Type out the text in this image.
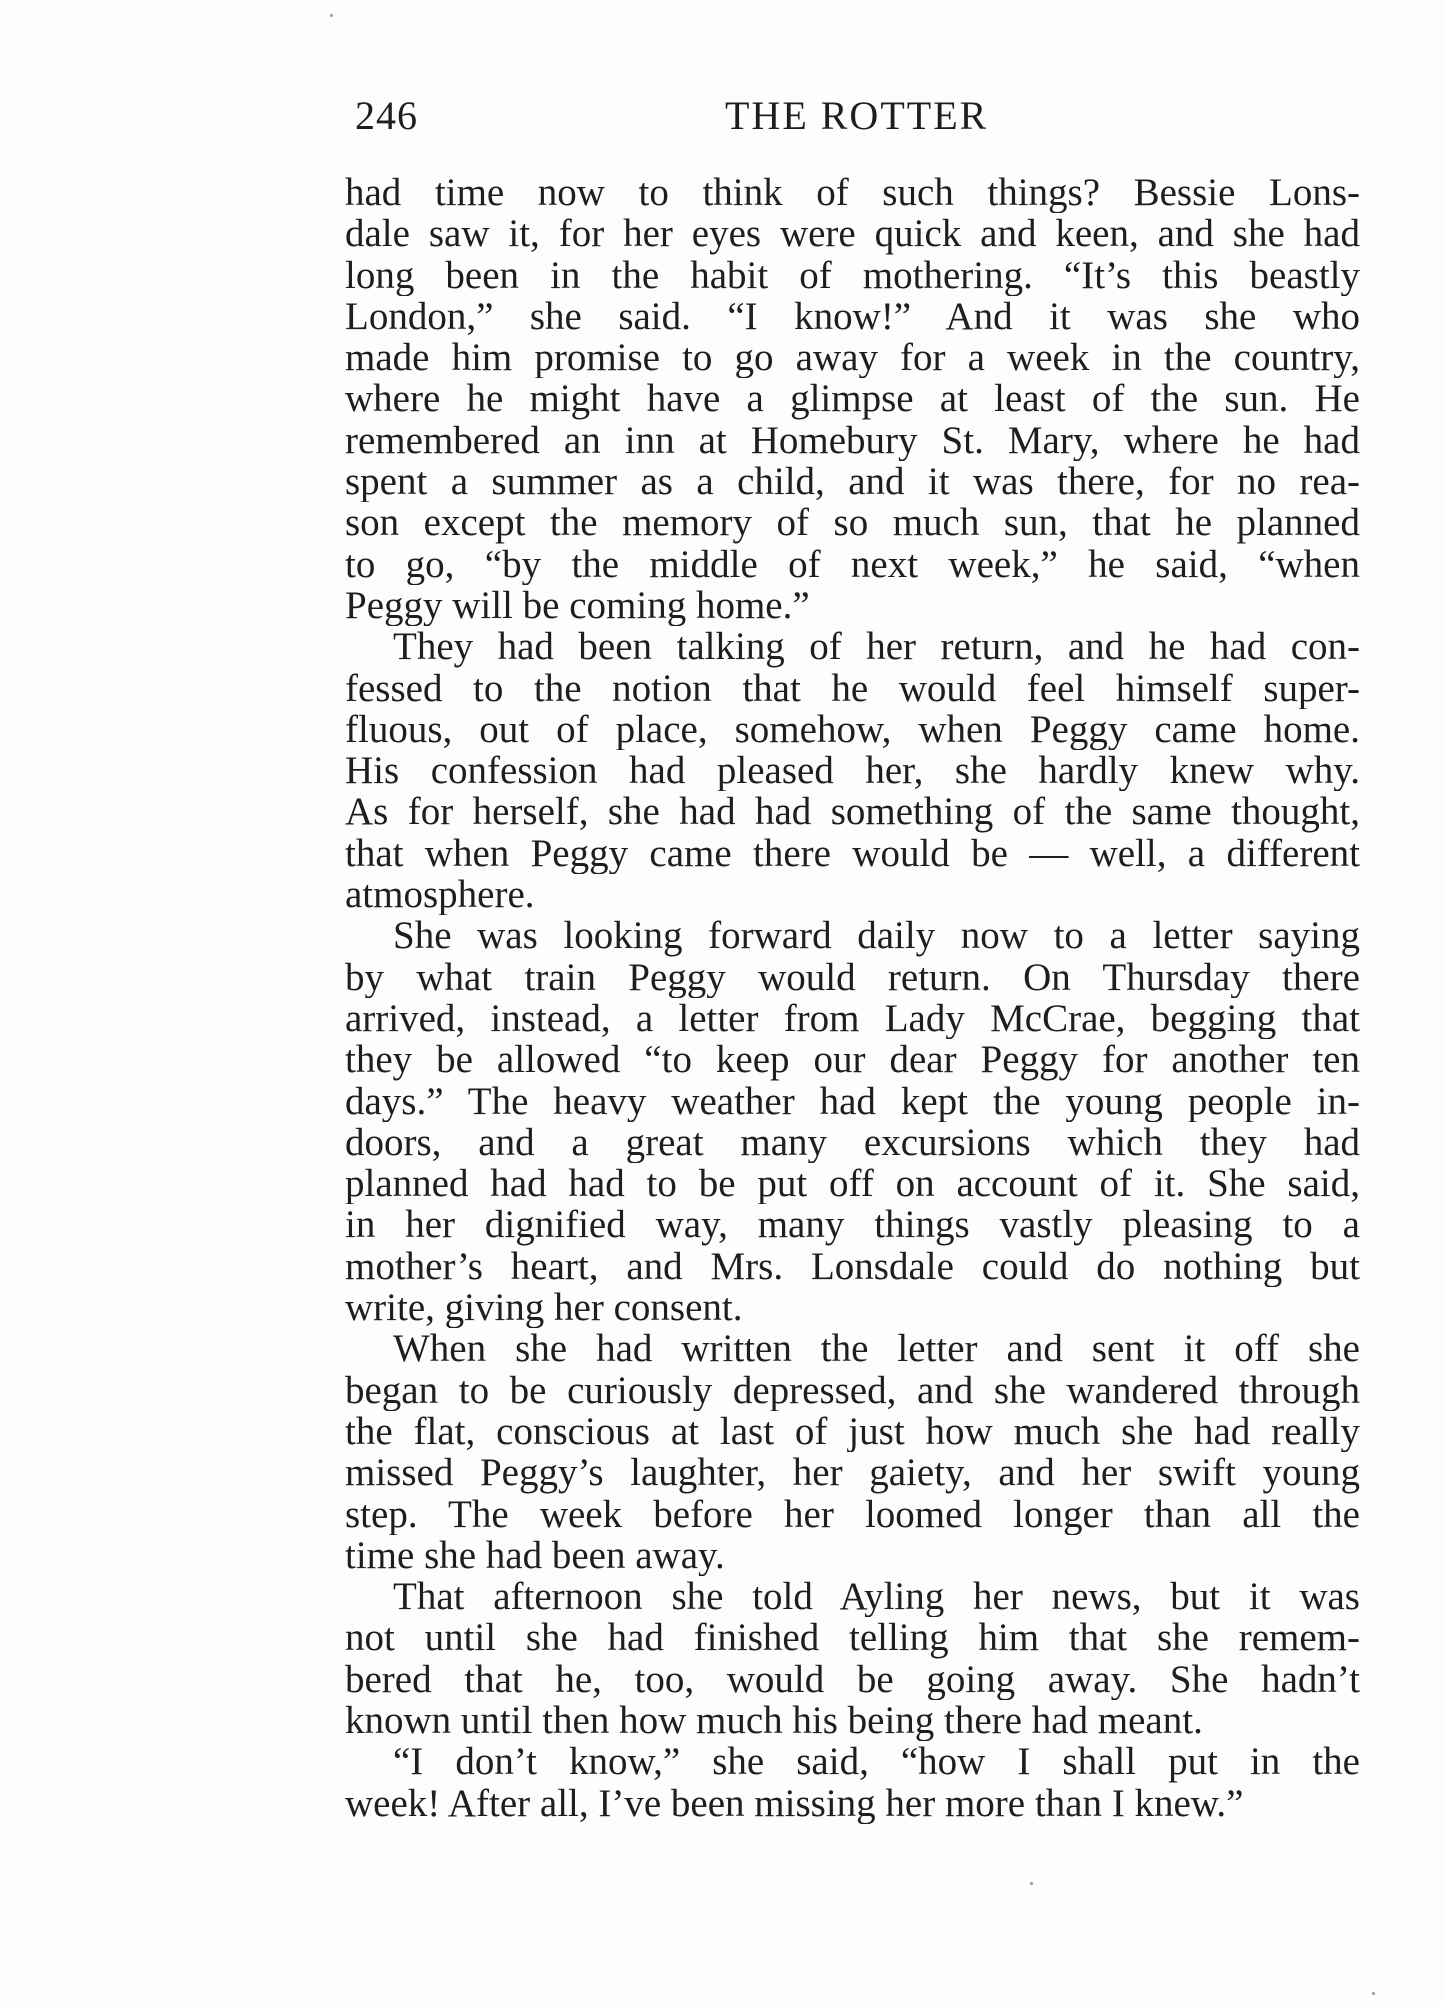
246	THE ROTTER
had time now to think of such things? Bessie Lons-
dale saw it, for her eyes were quick and keen, and she had
long been in the habit of mothering. “It’s this beastly
London,” she said. “I know!” And it was she who
made him promise to go away for a week in the country,
where he might have a glimpse at least of the sun. He
remembered an inn at Homebury St. Mary, where he had
spent a summer as a child, and it was there, for no rea-
son except the memory of so much sun, that he planned
to go, “by the middle of next week,” he said, “when
Peggy will be coming home.”
They had been talking of her return, and he had con-
fessed to the notion that he would feel himself super-
fluous, out of place, somehow, when Peggy came home.
His confession had pleased her, she hardly knew why.
As for herself, she had had something of the same thought,
that when Peggy came there would be — well, a different
atmosphere.
She was looking forward daily now to a letter saying
by what train Peggy would return. On Thursday there
arrived, instead, a letter from Lady McCrae, begging that
they be allowed “to keep our dear Peggy for another ten
days.” The heavy weather had kept the young people in-
doors, and a great many excursions which they had
planned had had to be put off on account of it. She said,
in her dignified way, many things vastly pleasing to a
mother’s heart, and Mrs. Lonsdale could do nothing but
write, giving her consent.
When she had written the letter and sent it off she
began to be curiously depressed, and she wandered through
the flat, conscious at last of just how much she had really
missed Peggy’s laughter, her gaiety, and her swift young
step. The week before her loomed longer than all the
time she had been away.
That afternoon she told Ayling her news, but it was
not until she had finished telling him that she remem-
bered that he, too, would be going away. She hadn’t
known until then how much his being there had meant.
“I don’t know,” she said, “how I shall put in the
week! After all, I’ve been missing her more than I knew.”
